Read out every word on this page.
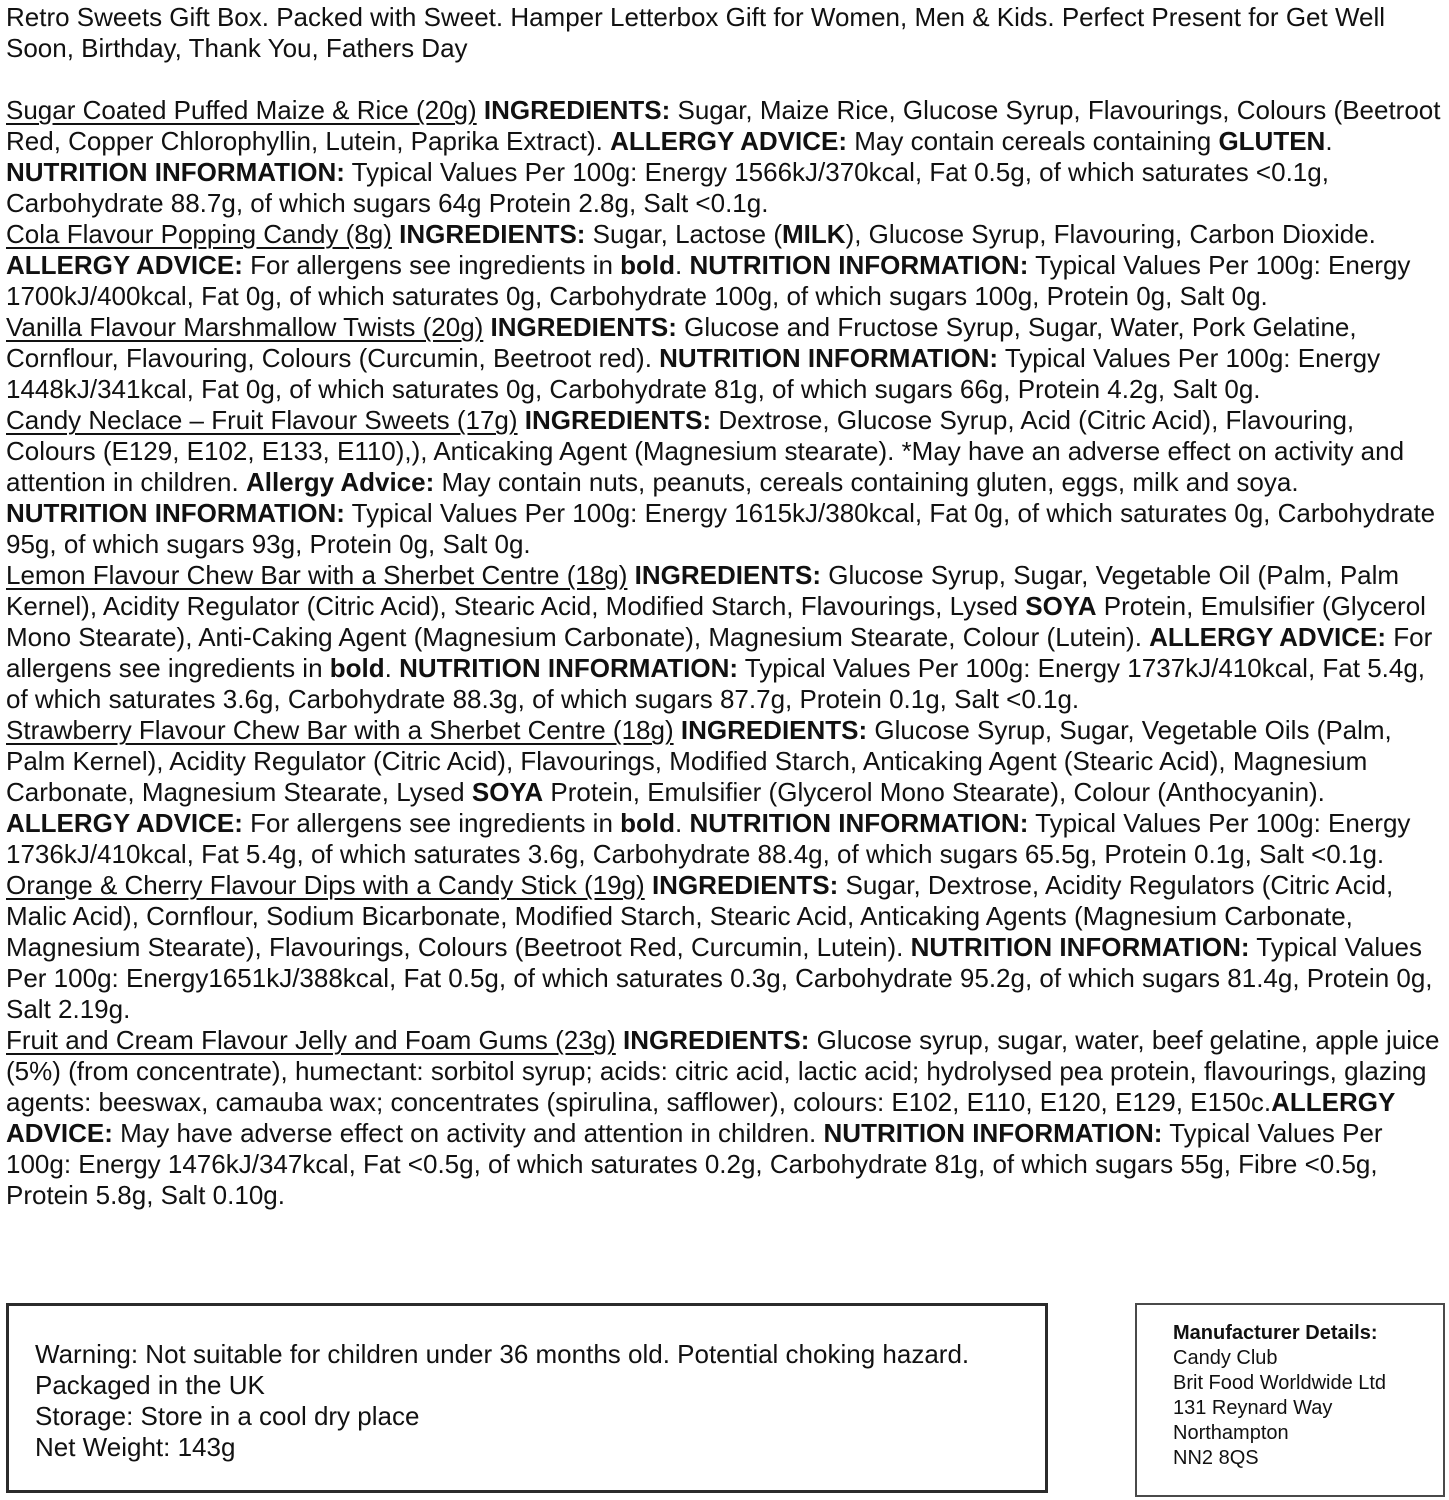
Retro Sweets Gift Box. Packed with Sweet. Hamper Letterbox Gift for Women, Men & Kids. Perfect Present for Get Well Soon, Birthday, Thank You, Fathers Day

Sugar Coated Puffed Maize & Rice (20g) INGREDIENTS: Sugar, Maize Rice, Glucose Syrup, Flavourings, Colours (Beetroot Red, Copper Chlorophyllin, Lutein, Paprika Extract). ALLERGY ADVICE: May contain cereals containing GLUTEN. NUTRITION INFORMATION: Typical Values Per 100g: Energy 1566kJ/370kcal, Fat 0.5g, of which saturates <0.1g, Carbohydrate 88.7g, of which sugars 64g Protein 2.8g, Salt <0.1g.

Cola Flavour Popping Candy (8g) INGREDIENTS: Sugar, Lactose (MILK), Glucose Syrup, Flavouring, Carbon Dioxide. ALLERGY ADVICE: For allergens see ingredients in bold. NUTRITION INFORMATION: Typical Values Per 100g: Energy 1700kJ/400kcal, Fat 0g, of which saturates 0g, Carbohydrate 100g, of which sugars 100g, Protein 0g, Salt 0g.

Vanilla Flavour Marshmallow Twists (20g) INGREDIENTS: Glucose and Fructose Syrup, Sugar, Water, Pork Gelatine, Cornflour, Flavouring, Colours (Curcumin, Beetroot red). NUTRITION INFORMATION: Typical Values Per 100g: Energy 1448kJ/341kcal, Fat 0g, of which saturates 0g, Carbohydrate 81g, of which sugars 66g, Protein 4.2g, Salt 0g.

Candy Neclace – Fruit Flavour Sweets (17g) INGREDIENTS: Dextrose, Glucose Syrup, Acid (Citric Acid), Flavouring, Colours (E129, E102, E133, E110),), Anticaking Agent (Magnesium stearate). *May have an adverse effect on activity and attention in children. Allergy Advice: May contain nuts, peanuts, cereals containing gluten, eggs, milk and soya. NUTRITION INFORMATION: Typical Values Per 100g: Energy 1615kJ/380kcal, Fat 0g, of which saturates 0g, Carbohydrate 95g, of which sugars 93g, Protein 0g, Salt 0g.

Lemon Flavour Chew Bar with a Sherbet Centre (18g) INGREDIENTS: Glucose Syrup, Sugar, Vegetable Oil (Palm, Palm Kernel), Acidity Regulator (Citric Acid), Stearic Acid, Modified Starch, Flavourings, Lysed SOYA Protein, Emulsifier (Glycerol Mono Stearate), Anti-Caking Agent (Magnesium Carbonate), Magnesium Stearate, Colour (Lutein). ALLERGY ADVICE: For allergens see ingredients in bold. NUTRITION INFORMATION: Typical Values Per 100g: Energy 1737kJ/410kcal, Fat 5.4g, of which saturates 3.6g, Carbohydrate 88.3g, of which sugars 87.7g, Protein 0.1g, Salt <0.1g.

Strawberry Flavour Chew Bar with a Sherbet Centre (18g) INGREDIENTS: Glucose Syrup, Sugar, Vegetable Oils (Palm, Palm Kernel), Acidity Regulator (Citric Acid), Flavourings, Modified Starch, Anticaking Agent (Stearic Acid), Magnesium Carbonate, Magnesium Stearate, Lysed SOYA Protein, Emulsifier (Glycerol Mono Stearate), Colour (Anthocyanin). ALLERGY ADVICE: For allergens see ingredients in bold. NUTRITION INFORMATION: Typical Values Per 100g: Energy 1736kJ/410kcal, Fat 5.4g, of which saturates 3.6g, Carbohydrate 88.4g, of which sugars 65.5g, Protein 0.1g, Salt <0.1g.

Orange & Cherry Flavour Dips with a Candy Stick (19g) INGREDIENTS: Sugar, Dextrose, Acidity Regulators (Citric Acid, Malic Acid), Cornflour, Sodium Bicarbonate, Modified Starch, Stearic Acid, Anticaking Agents (Magnesium Carbonate, Magnesium Stearate), Flavourings, Colours (Beetroot Red, Curcumin, Lutein). NUTRITION INFORMATION: Typical Values Per 100g: Energy1651kJ/388kcal, Fat 0.5g, of which saturates 0.3g, Carbohydrate 95.2g, of which sugars 81.4g, Protein 0g, Salt 2.19g.

Fruit and Cream Flavour Jelly and Foam Gums (23g) INGREDIENTS: Glucose syrup, sugar, water, beef gelatine, apple juice (5%) (from concentrate), humectant: sorbitol syrup; acids: citric acid, lactic acid; hydrolysed pea protein, flavourings, glazing agents: beeswax, camauba wax; concentrates (spirulina, safflower), colours: E102, E110, E120, E129, E150c.ALLERGY ADVICE: May have adverse effect on activity and attention in children. NUTRITION INFORMATION: Typical Values Per 100g: Energy 1476kJ/347kcal, Fat <0.5g, of which saturates 0.2g, Carbohydrate 81g, of which sugars 55g, Fibre <0.5g, Protein 5.8g, Salt 0.10g.

Warning: Not suitable for children under 36 months old. Potential choking hazard.
Packaged in the UK
Storage: Store in a cool dry place
Net Weight: 143g
Manufacturer Details:
Candy Club
Brit Food Worldwide Ltd
131 Reynard Way
Northampton
NN2 8QS
